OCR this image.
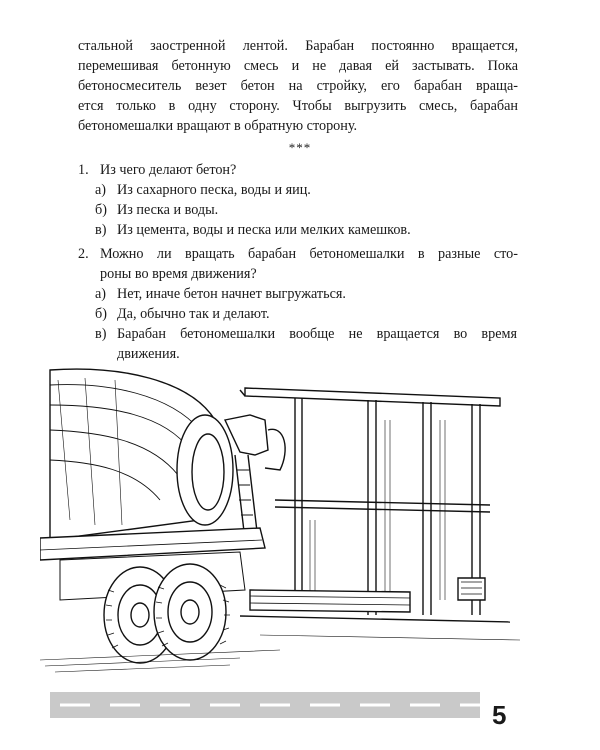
стальной заостренной лентой. Барабан постоянно вращается,
перемешивая бетонную смесь и не давая ей застывать. Пока
бетоносмеситель везет бетон на стройку, его барабан враща-
ется только в одну сторону. Чтобы выгрузить смесь, барабан
бетономешалки вращают в обратную сторону.
***
1. Из чего делают бетон?
а) Из сахарного песка, воды и яиц.
б) Из песка и воды.
в) Из цемента, воды и песка или мелких камешков.
2. Можно ли вращать барабан бетономешалки в разные сто-
роны во время движения?
а) Нет, иначе бетон начнет выгружаться.
б) Да, обычно так и делают.
в) Барабан бетономешалки вообще не вращается во время
движения.
5
